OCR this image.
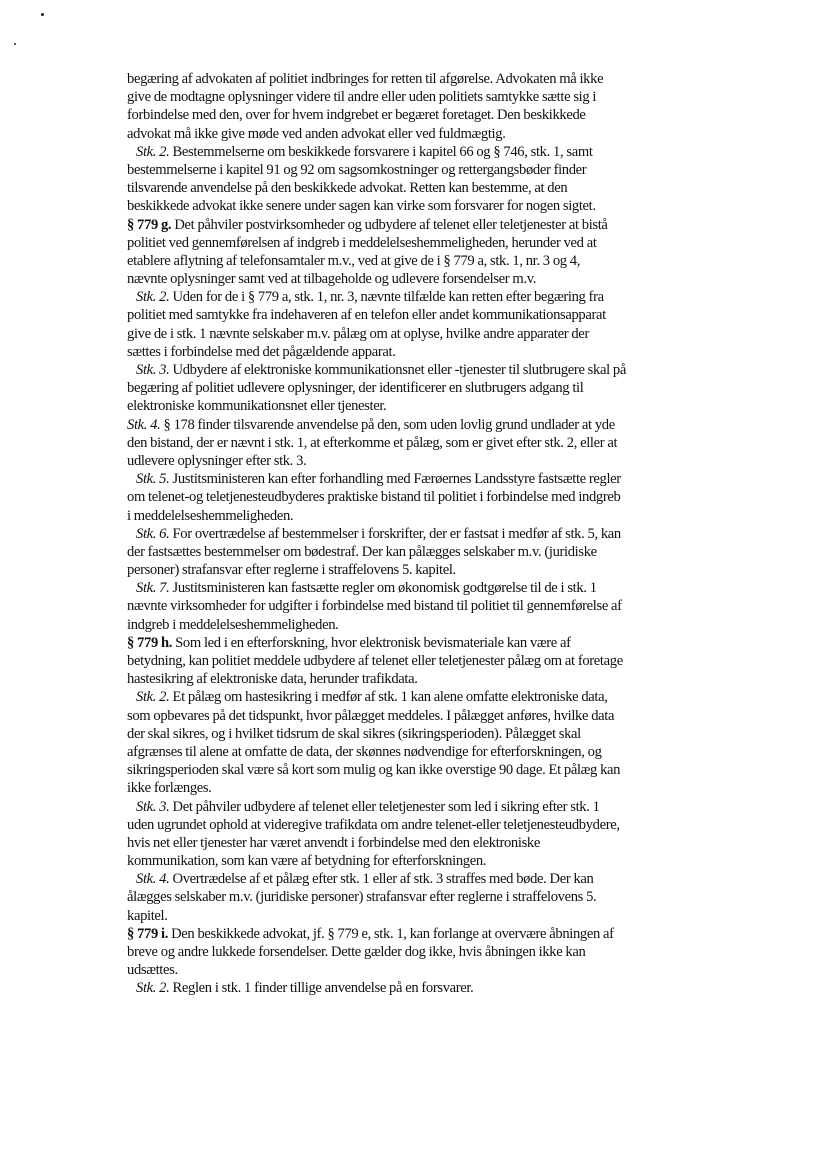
begæring af advokaten af politiet indbringes for retten til afgørelse. Advokaten må ikke
give de modtagne oplysninger videre til andre eller uden politiets samtykke sætte sig i
forbindelse med den, over for hvem indgrebet er begæret foretaget. Den beskikkede
advokat må ikke give møde ved anden advokat eller ved fuldmægtig.
Stk. 2. Bestemmelserne om beskikkede forsvarere i kapitel 66 og § 746, stk. 1, samt
bestemmelserne i kapitel 91 og 92 om sagsomkostninger og rettergangsbøder finder
tilsvarende anvendelse på den beskikkede advokat. Retten kan bestemme, at den
beskikkede advokat ikke senere under sagen kan virke som forsvarer for nogen sigtet.
§ 779 g. Det påhviler postvirksomheder og udbydere af telenet eller teletjenester at bistå
politiet ved gennemførelsen af indgreb i meddelelseshemmeligheden, herunder ved at
etablere aflytning af telefonsamtaler m.v., ved at give de i § 779 a, stk. 1, nr. 3 og 4,
nævnte oplysninger samt ved at tilbageholde og udlevere forsendelser m.v.
Stk. 2. Uden for de i § 779 a, stk. 1, nr. 3, nævnte tilfælde kan retten efter begæring fra
politiet med samtykke fra indehaveren af en telefon eller andet kommunikationsapparat
give de i stk. 1 nævnte selskaber m.v. pålæg om at oplyse, hvilke andre apparater der
sættes i forbindelse med det pågældende apparat.
Stk. 3. Udbydere af elektroniske kommunikationsnet eller -tjenester til slutbrugere skal på
begæring af politiet udlevere oplysninger, der identificerer en slutbrugers adgang til
elektroniske kommunikationsnet eller tjenester.
Stk. 4. § 178 finder tilsvarende anvendelse på den, som uden lovlig grund undlader at yde
den bistand, der er nævnt i stk. 1, at efterkomme et pålæg, som er givet efter stk. 2, eller at
udlevere oplysninger efter stk. 3.
Stk. 5. Justitsministeren kan efter forhandling med Færøernes Landsstyre fastsætte regler
om telenet-og teletjenesteudbyderes praktiske bistand til politiet i forbindelse med indgreb
i meddelelseshemmeligheden.
Stk. 6. For overtrædelse af bestemmelser i forskrifter, der er fastsat i medfør af stk. 5, kan
der fastsættes bestemmelser om bødestraf. Der kan pålægges selskaber m.v. (juridiske
personer) strafansvar efter reglerne i straffelovens 5. kapitel.
Stk. 7. Justitsministeren kan fastsætte regler om økonomisk godtgørelse til de i stk. 1
nævnte virksomheder for udgifter i forbindelse med bistand til politiet til gennemførelse af
indgreb i meddelelseshemmeligheden.
§ 779 h. Som led i en efterforskning, hvor elektronisk bevismateriale kan være af
betydning, kan politiet meddele udbydere af telenet eller teletjenester pålæg om at foretage
hastesikring af elektroniske data, herunder trafikdata.
Stk. 2. Et pålæg om hastesikring i medfør af stk. 1 kan alene omfatte elektroniske data,
som opbevares på det tidspunkt, hvor pålægget meddeles. I pålægget anføres, hvilke data
der skal sikres, og i hvilket tidsrum de skal sikres (sikringsperioden). Pålægget skal
afgrænses til alene at omfatte de data, der skønnes nødvendige for efterforskningen, og
sikringsperioden skal være så kort som mulig og kan ikke overstige 90 dage. Et pålæg kan
ikke forlænges.
Stk. 3. Det påhviler udbydere af telenet eller teletjenester som led i sikring efter stk. 1
uden ugrundet ophold at videregive trafikdata om andre telenet-eller teletjenesteudbydere,
hvis net eller tjenester har været anvendt i forbindelse med den elektroniske
kommunikation, som kan være af betydning for efterforskningen.
Stk. 4. Overtrædelse af et pålæg efter stk. 1 eller af stk. 3 straffes med bøde. Der kan
ålægges selskaber m.v. (juridiske personer) strafansvar efter reglerne i straffelovens 5.
kapitel.
§ 779 i. Den beskikkede advokat, jf. § 779 e, stk. 1, kan forlange at overvære åbningen af
breve og andre lukkede forsendelser. Dette gælder dog ikke, hvis åbningen ikke kan
udsættes.
Stk. 2. Reglen i stk. 1 finder tillige anvendelse på en forsvarer.
